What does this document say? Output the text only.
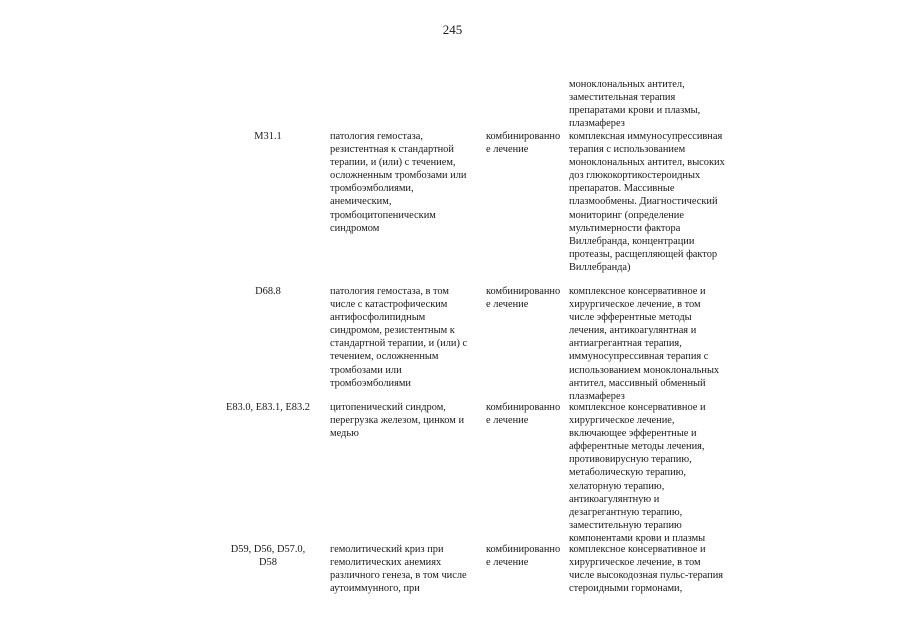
245
моноклональных антител,
заместительная терапия
препаратами крови и плазмы,
плазмаферез
M31.1	патология гемостаза,
резистентная к стандартной
терапии, и (или) с течением,
осложненным тромбозами или
тромбоэмболиями,
анемическим,
тромбоцитопеническим
синдромом
комбинированно
е лечение
комплексная иммуносупрессивная
терапия с использованием
моноклональных антител, высоких
доз глюкокортикостероидных
препаратов. Массивные
плазмообмены. Диагностический
мониторинг (определение
мультимерности фактора
Виллебранда, концентрации
протеазы, расщепляющей фактор
Виллебранда)
D68.8	патология гемостаза, в том
числе с катастрофическим
антифосфолипидным
синдромом, резистентным к
стандартной терапии, и (или) с
течением, осложненным
тромбозами или
тромбоэмболиями
комбинированно
е лечение
комплексное консервативное и
хирургическое лечение, в том
числе эфферентные методы
лечения, антикоагулянтная и
антиагрегантная терапия,
иммуносупрессивная терапия с
использованием моноклональных
антител, массивный обменный
плазмаферез
E83.0, E83.1, E83.2 цитопенический синдром,
перегрузка железом, цинком и
медью
комбинированно
е лечение
комплексное консервативное и
хирургическое лечение,
включающее эфферентные и
афферентные методы лечения,
противовирусную терапию,
метаболическую терапию,
хелаторную терапию,
антикоагулянтную и
дезагрегантную терапию,
заместительную терапию
компонентами крови и плазмы
D59, D56, D57.0,
D58
гемолитический криз при
гемолитических анемиях
различного генеза, в том числе
аутоиммунного, при
комбинированно
е лечение
комплексное консервативное и
хирургическое лечение, в том
числе высокодозная пульс-терапия
стероидными гормонами,
